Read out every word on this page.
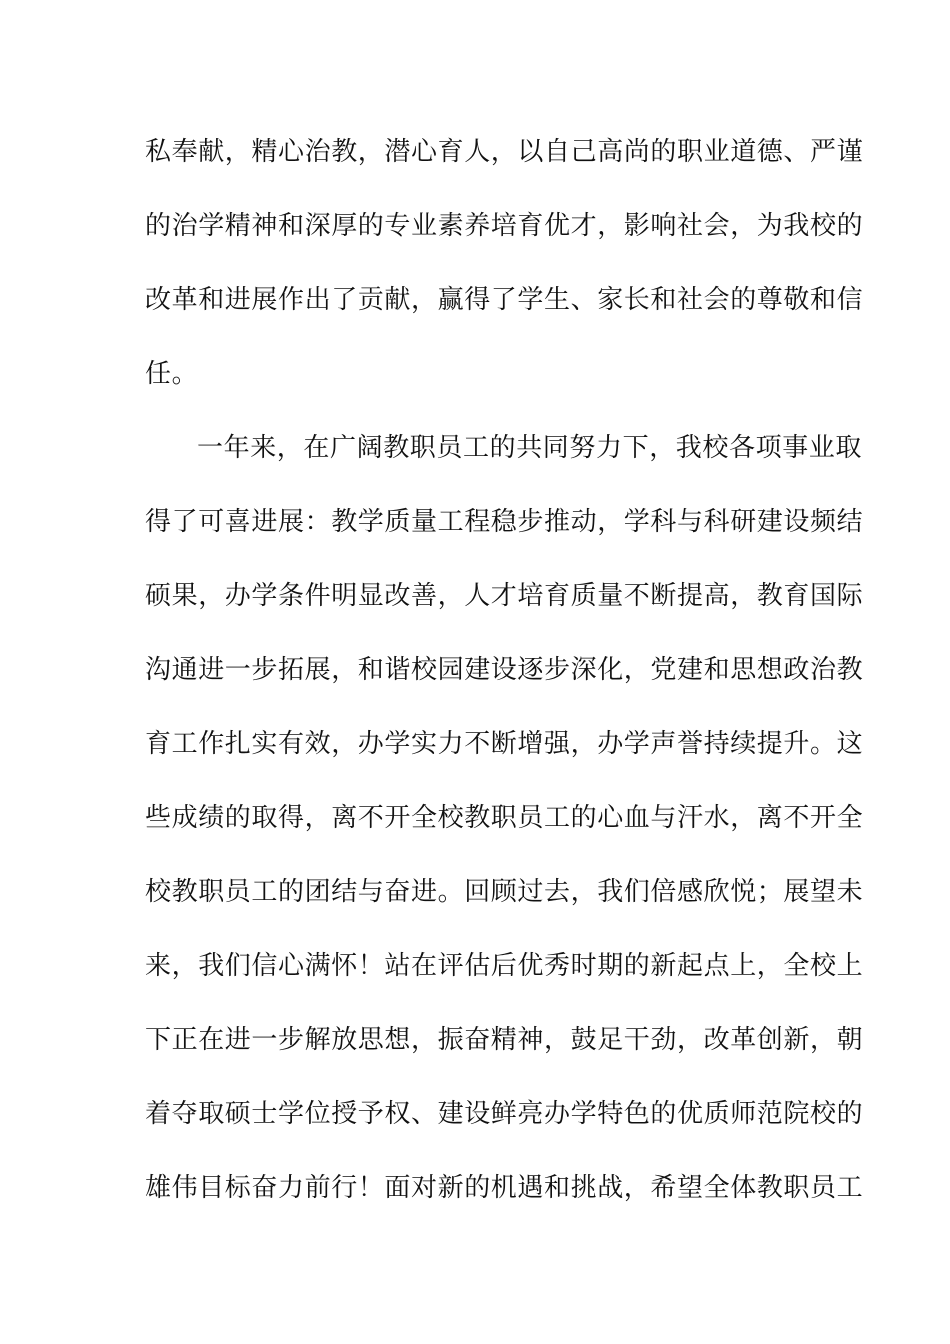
私奉献，精心治教，潜心育人，以自己高尚的职业道德、严谨
的治学精神和深厚的专业素养培育优才，影响社会，为我校的
改革和进展作出了贡献，赢得了学生、家长和社会的尊敬和信
任。
一年来，在广阔教职员工的共同努力下，我校各项事业取
得了可喜进展：教学质量工程稳步推动，学科与科研建设频结
硕果，办学条件明显改善，人才培育质量不断提高，教育国际
沟通进一步拓展，和谐校园建设逐步深化，党建和思想政治教
育工作扎实有效，办学实力不断增强，办学声誉持续提升。这
些成绩的取得，离不开全校教职员工的心血与汗水，离不开全
校教职员工的团结与奋进。回顾过去，我们倍感欣悦；展望未
来，我们信心满怀！站在评估后优秀时期的新起点上，全校上
下正在进一步解放思想，振奋精神，鼓足干劲，改革创新，朝
着夺取硕士学位授予权、建设鲜亮办学特色的优质师范院校的
雄伟目标奋力前行！面对新的机遇和挑战，希望全体教职员工
